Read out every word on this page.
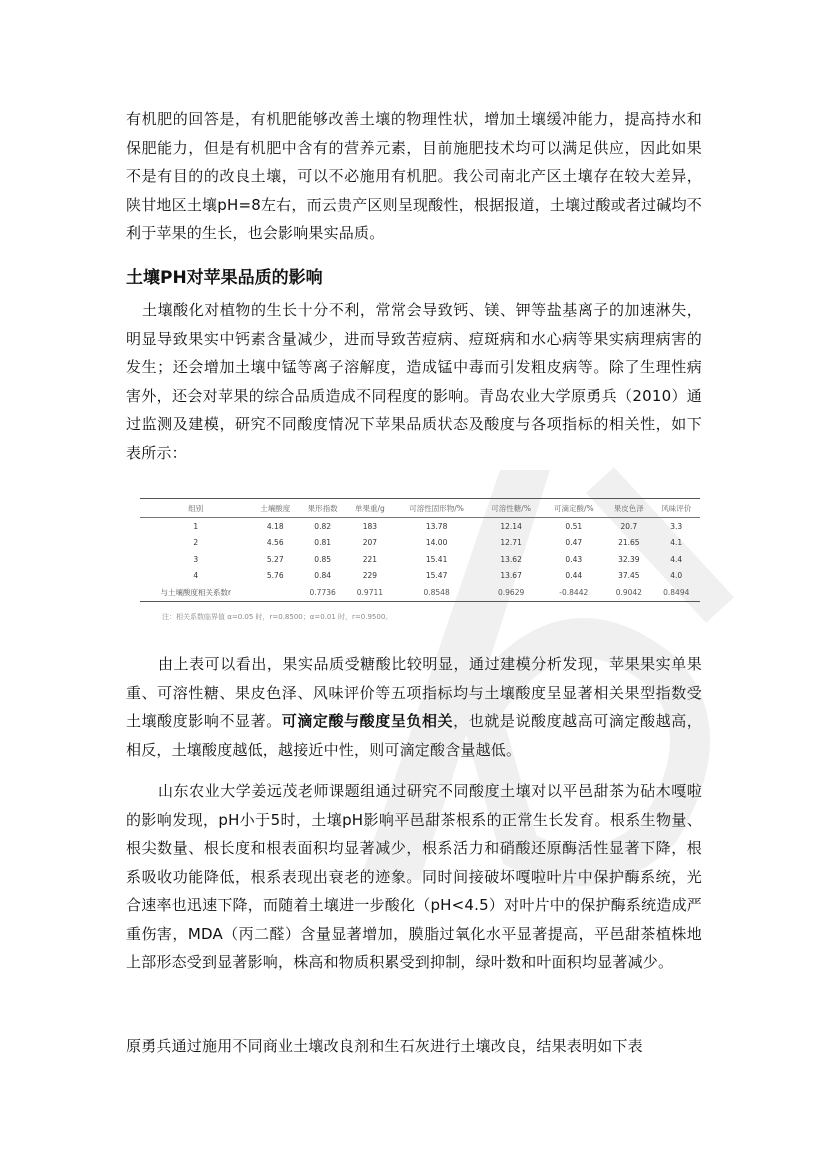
有机肥的回答是，有机肥能够改善土壤的物理性状，增加土壤缓冲能力，提高持水和保肥能力，但是有机肥中含有的营养元素，目前施肥技术均可以满足供应，因此如果不是有目的的改良土壤，可以不必施用有机肥。我公司南北产区土壤存在较大差异，陕甘地区土壤pH=8左右，而云贵产区则呈现酸性，根据报道，土壤过酸或者过碱均不利于苹果的生长，也会影响果实品质。

土壤PH对苹果品质的影响

土壤酸化对植物的生长十分不利，常常会导致钙、镁、钾等盐基离子的加速淋失，明显导致果实中钙素含量减少，进而导致苦痘病、痘斑病和水心病等果实病理病害的发生；还会增加土壤中锰等离子溶解度，造成锰中毒而引发粗皮病等。除了生理性病害外，还会对苹果的综合品质造成不同程度的影响。青岛农业大学原勇兵（2010）通过监测及建模，研究不同酸度情况下苹果品质状态及酸度与各项指标的相关性，如下表所示：

组别	土壤酸度	果形指数	单果重/g	可溶性固形物/%	可溶性糖/%	可滴定酸/%	果皮色泽	风味评价
1	4.18	0.82	183	13.78	12.14	0.51	20.7	3.3
2	4.56	0.81	207	14.00	12.71	0.47	21.65	4.1
3	5.27	0.85	221	15.41	13.62	0.43	32.39	4.4
4	5.76	0.84	229	15.47	13.67	0.44	37.45	4.0
与土壤酸度相关系数r		0.7736	0.9711	0.8548	0.9629	-0.8442	0.9042	0.8494
注：相关系数临界值 α=0.05 时，r=0.8500；α=0.01 时，r=0.9500。

由上表可以看出，果实品质受糖酸比较明显，通过建模分析发现，苹果果实单果重、可溶性糖、果皮色泽、风味评价等五项指标均与土壤酸度呈显著相关果型指数受土壤酸度影响不显著。可滴定酸与酸度呈负相关，也就是说酸度越高可滴定酸越高，相反，土壤酸度越低，越接近中性，则可滴定酸含量越低。

山东农业大学姜远茂老师课题组通过研究不同酸度土壤对以平邑甜茶为砧木嘎啦的影响发现，pH小于5时，土壤pH影响平邑甜茶根系的正常生长发育。根系生物量、根尖数量、根长度和根表面积均显著减少，根系活力和硝酸还原酶活性显著下降，根系吸收功能降低，根系表现出衰老的迹象。同时间接破坏嘎啦叶片中保护酶系统，光合速率也迅速下降，而随着土壤进一步酸化（pH<4.5）对叶片中的保护酶系统造成严重伤害，MDA（丙二醛）含量显著增加，膜脂过氧化水平显著提高，平邑甜茶植株地上部形态受到显著影响，株高和物质积累受到抑制，绿叶数和叶面积均显著减少。

原勇兵通过施用不同商业土壤改良剂和生石灰进行土壤改良，结果表明如下表
